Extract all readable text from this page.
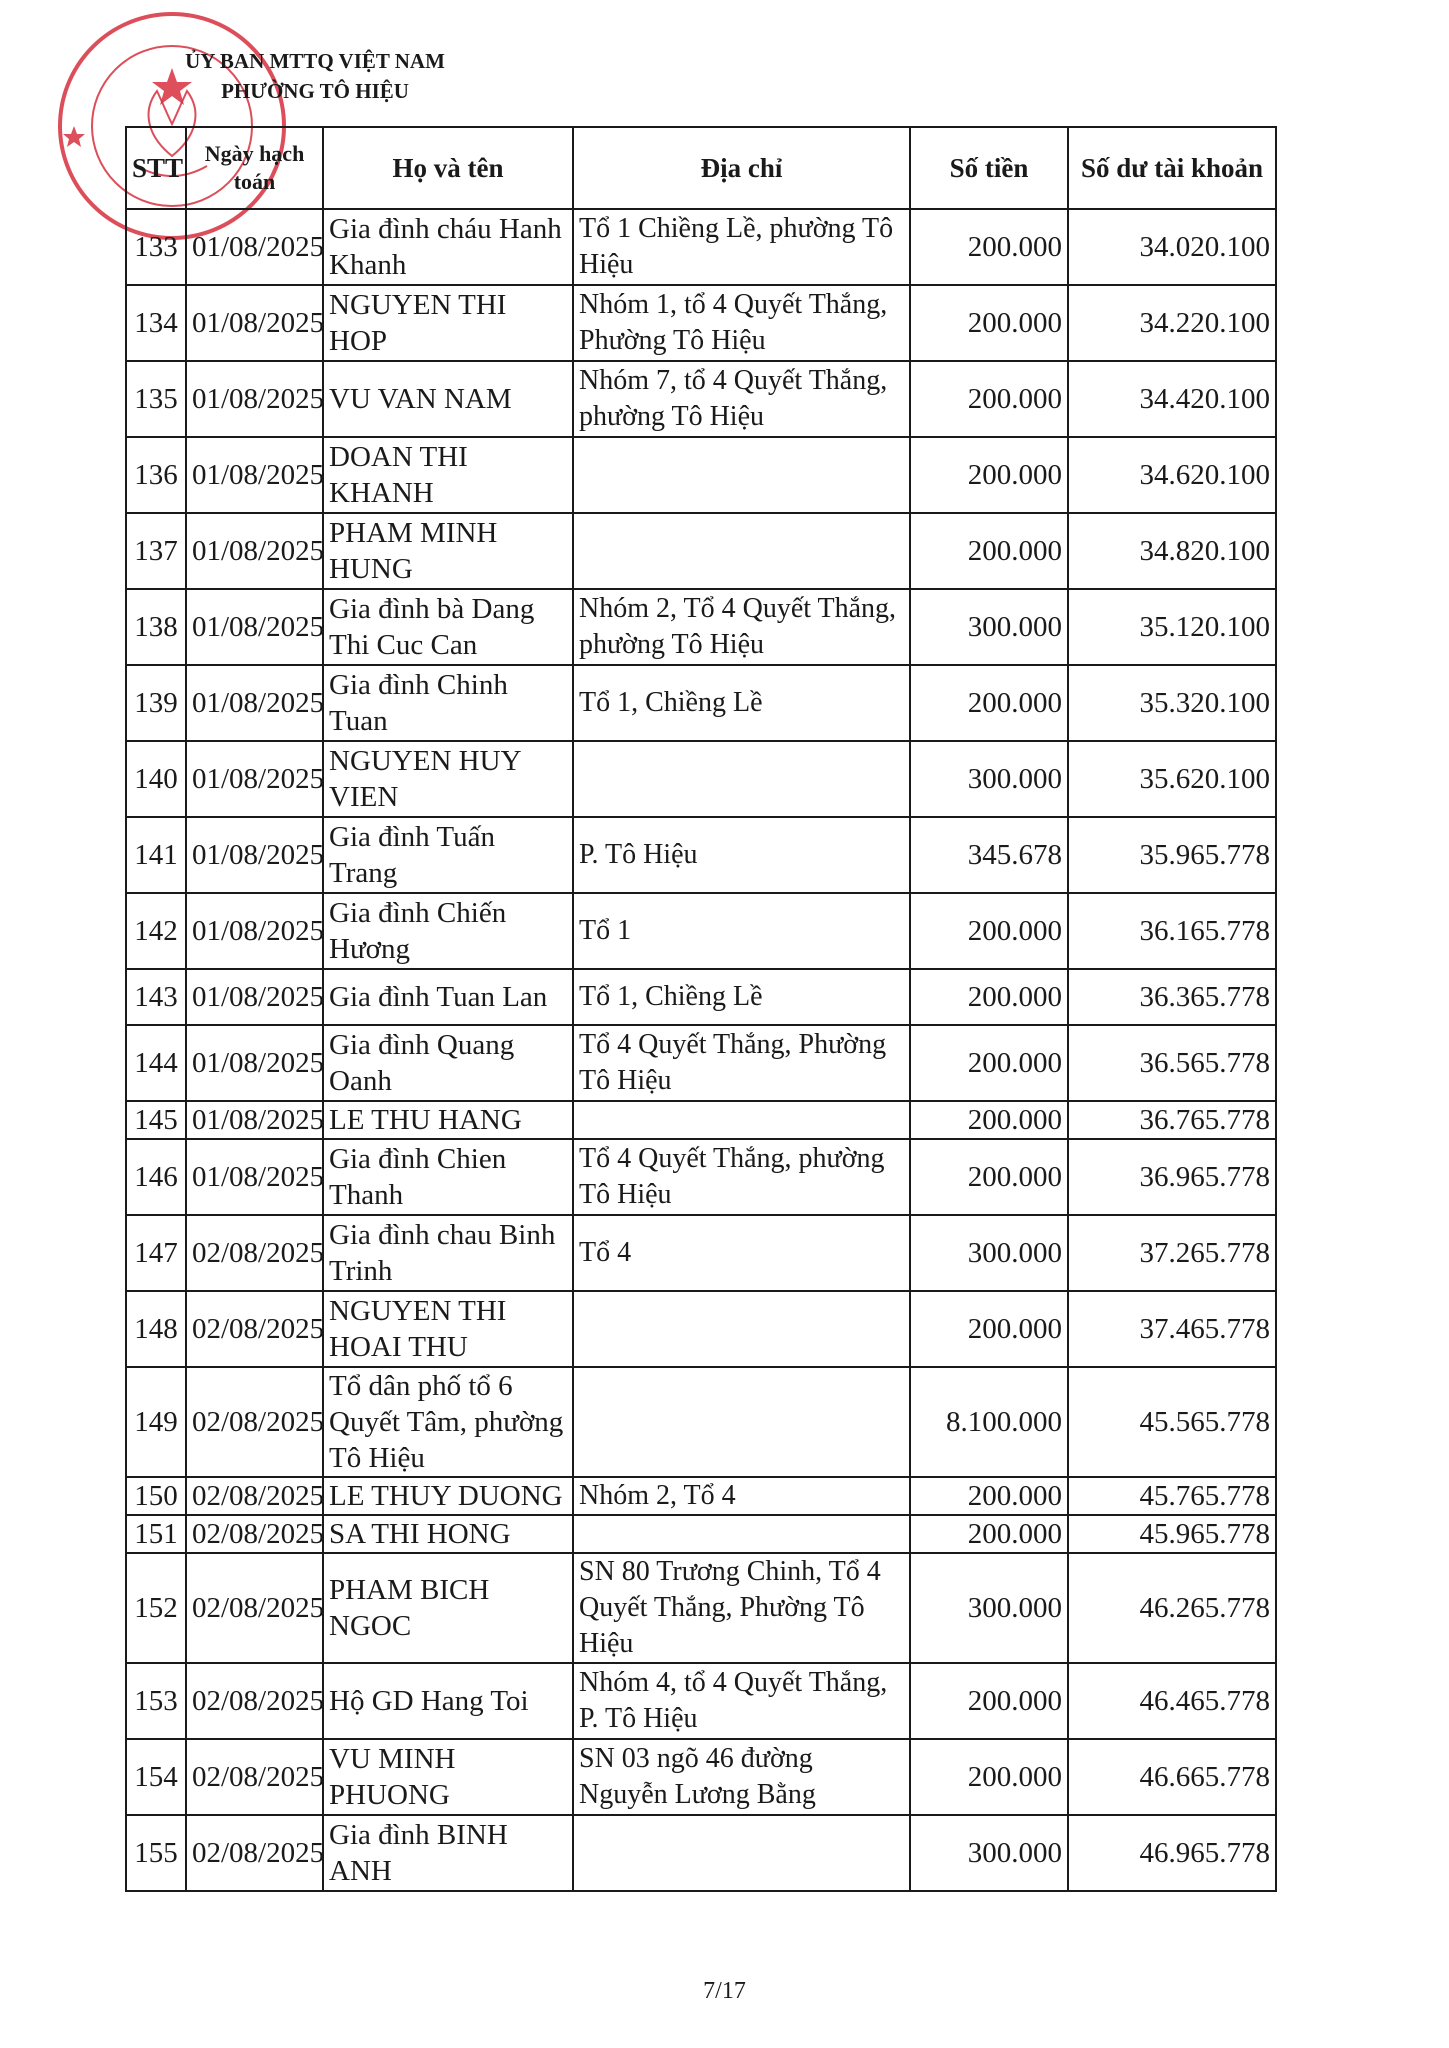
ỦY BAN MTTQ VIỆT NAM
PHƯỜNG TÔ HIỆU
STT	Ngày hạch toán	Họ và tên	Địa chỉ	Số tiền	Số dư tài khoản
133	01/08/2025	Gia đình cháu Hanh Khanh	Tổ 1 Chiềng Lề, phường Tô Hiệu	200.000	34.020.100
134	01/08/2025	NGUYEN THI HOP	Nhóm 1, tổ 4 Quyết Thắng, Phường Tô Hiệu	200.000	34.220.100
135	01/08/2025	VU VAN NAM	Nhóm 7, tổ 4 Quyết Thắng, phường Tô Hiệu	200.000	34.420.100
136	01/08/2025	DOAN THI KHANH		200.000	34.620.100
137	01/08/2025	PHAM MINH HUNG		200.000	34.820.100
138	01/08/2025	Gia đình bà Dang Thi Cuc Can	Nhóm 2, Tổ 4 Quyết Thắng, phường Tô Hiệu	300.000	35.120.100
139	01/08/2025	Gia đình Chinh Tuan	Tổ 1, Chiềng Lề	200.000	35.320.100
140	01/08/2025	NGUYEN HUY VIEN		300.000	35.620.100
141	01/08/2025	Gia đình Tuấn Trang	P. Tô Hiệu	345.678	35.965.778
142	01/08/2025	Gia đình Chiến Hương	Tổ 1	200.000	36.165.778
143	01/08/2025	Gia đình Tuan Lan	Tổ 1, Chiềng Lề	200.000	36.365.778
144	01/08/2025	Gia đình Quang Oanh	Tổ 4 Quyết Thắng, Phường Tô Hiệu	200.000	36.565.778
145	01/08/2025	LE THU HANG		200.000	36.765.778
146	01/08/2025	Gia đình Chien Thanh	Tổ 4 Quyết Thắng, phường Tô Hiệu	200.000	36.965.778
147	02/08/2025	Gia đình chau Binh Trinh	Tổ 4	300.000	37.265.778
148	02/08/2025	NGUYEN THI HOAI THU		200.000	37.465.778
149	02/08/2025	Tổ dân phố tổ 6 Quyết Tâm, phường Tô Hiệu		8.100.000	45.565.778
150	02/08/2025	LE THUY DUONG	Nhóm 2, Tổ 4	200.000	45.765.778
151	02/08/2025	SA THI HONG		200.000	45.965.778
152	02/08/2025	PHAM BICH NGOC	SN 80 Trương Chinh, Tổ 4 Quyết Thắng, Phường Tô Hiệu	300.000	46.265.778
153	02/08/2025	Hộ GD Hang Toi	Nhóm 4, tổ 4 Quyết Thắng, P. Tô Hiệu	200.000	46.465.778
154	02/08/2025	VU MINH PHUONG	SN 03 ngõ 46 đường Nguyễn Lương Bằng	200.000	46.665.778
155	02/08/2025	Gia đình BINH ANH		300.000	46.965.778
7/17
